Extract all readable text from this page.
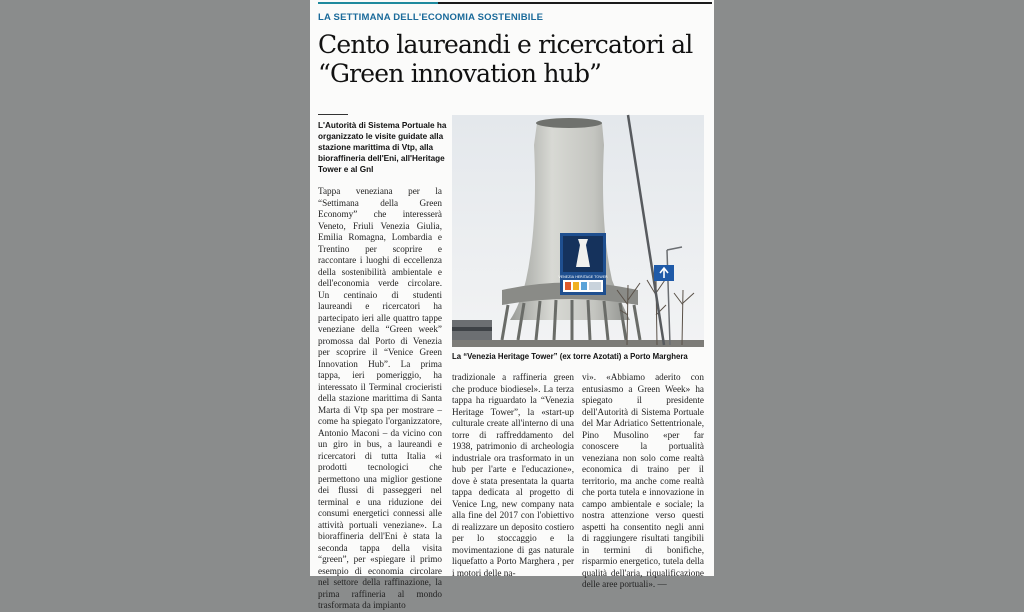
LA SETTIMANA DELL'ECONOMIA SOSTENIBILE
Cento laureandi e ricercatori al “Green innovation hub”
L'Autorità di Sistema Portuale ha organizzato le visite guidate alla stazione marittima di Vtp, alla bioraffineria dell'Eni, all'Heritage Tower e al Gnl
VENEZIA HERITAGE TOWER
La “Venezia Heritage Tower” (ex torre Azotati) a Porto Marghera

Tappa veneziana per la “Settimana della Green Economy” che interesserà Veneto, Friuli Venezia Giulia, Emilia Romagna, Lombardia e Trentino per scoprire e raccontare i luoghi di eccellenza della sostenibilità ambientale e dell'economia verde circolare. Un centinaio di studenti laureandi e ricercatori ha partecipato ieri alle quattro tappe veneziane della “Green week” promossa dal Porto di Venezia per scoprire il “Venice Green Innovation Hub”. La prima tappa, ieri pomeriggio, ha interessato il Terminal crocieristi della stazione marittima di Santa Marta di Vtp spa per mostrare – come ha spiegato l'organizzatore, Antonio Maconi – da vicino con un giro in bus, a laureandi e ricercatori di tutta Italia «i prodotti tecnologici che permettono una miglior gestione dei flussi di passeggeri nel terminal e una riduzione dei consumi energetici connessi alle attività portuali veneziane». La bioraffineria dell'Eni è stata la seconda tappa della visita “green”, per «spiegare il primo esempio di economia circolare nel settore della raffinazione, la prima raffineria al mondo trasformata da impianto

tradizionale a raffineria green che produce biodiesel». La terza tappa ha riguardato la “Venezia Heritage Tower”, la «start-up culturale create all'interno di una torre di raffreddamento del 1938, patrimonio di archeologia industriale ora trasformato in un hub per l'arte e l'educazione», dove è stata presentata la quarta tappa dedicata al progetto di Venice Lng, new company nata alla fine del 2017 con l'obiettivo di realizzare un deposito costiero per lo stoccaggio e la movimentazione di gas naturale liquefatto a Porto Marghera , per i motori delle na-

vi». «Abbiamo aderito con entusiasmo a Green Week» ha spiegato il presidente dell'Autorità di Sistema Portuale del Mar Adriatico Settentrionale, Pino Musolino «per far conoscere la portualità veneziana non solo come realtà economica di traino per il territorio, ma anche come realtà che porta tutela e innovazione in campo ambientale e sociale; la nostra attenzione verso questi aspetti ha consentito negli anni di raggiungere risultati tangibili in termini di bonifiche, risparmio energetico, tutela della qualità dell'aria, riqualificazione delle aree portuali». —
